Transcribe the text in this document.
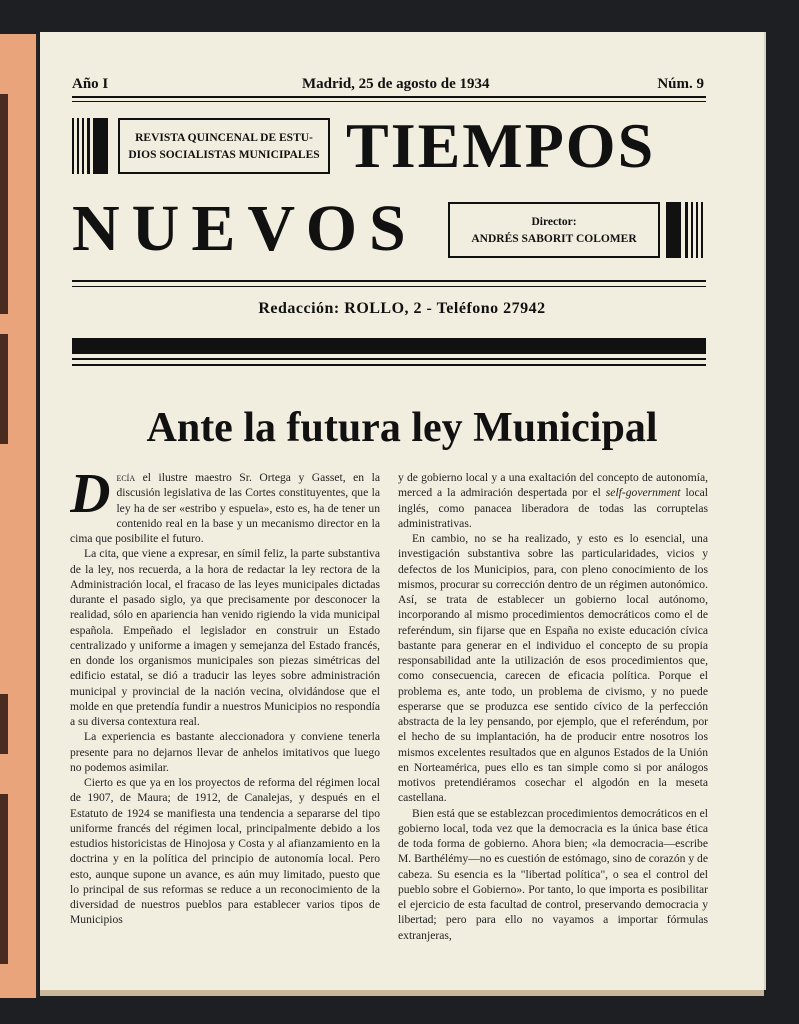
Año I	Madrid, 25 de agosto de 1934	Núm. 9
REVISTA QUINCENAL DE ESTU-
DIOS SOCIALISTAS MUNICIPALES TIEMPOS
NUEVOS	Director:
ANDRÉS SABORIT COLOMER
Redacción: ROLLO, 2 - Teléfono 27942
Ante la futura ley Municipal

Decía el ilustre maestro Sr. Ortega y Gasset, en la discusión legislativa de las Cortes constituyentes, que la ley ha de ser «estribo y espuela», esto es, ha de tener un contenido real en la base y un mecanismo director en la cima que posibilite el futuro.

La cita, que viene a expresar, en símil feliz, la parte substantiva de la ley, nos recuerda, a la hora de redactar la ley rectora de la Administración local, el fracaso de las leyes municipales dictadas durante el pasado siglo, ya que precisamente por desconocer la realidad, sólo en apariencia han venido rigiendo la vida municipal española. Empeñado el legislador en construir un Estado centralizado y uniforme a imagen y semejanza del Estado francés, en donde los organismos municipales son piezas simétricas del edificio estatal, se dió a traducir las leyes sobre administración municipal y provincial de la nación vecina, olvidándose que el molde en que pretendía fundir a nuestros Municipios no respondía a su diversa contextura real.

La experiencia es bastante aleccionadora y conviene tenerla presente para no dejarnos llevar de anhelos imitativos que luego no podemos asimilar.

Cierto es que ya en los proyectos de reforma del régimen local de 1907, de Maura; de 1912, de Canalejas, y después en el Estatuto de 1924 se manifiesta una tendencia a separarse del tipo uniforme francés del régimen local, principalmente debido a los estudios historicistas de Hinojosa y Costa y al afianzamiento en la doctrina y en la política del principio de autonomía local. Pero esto, aunque supone un avance, es aún muy limitado, puesto que lo principal de sus reformas se reduce a un reconocimiento de la diversidad de nuestros pueblos para establecer varios tipos de Municipios

y de gobierno local y a una exaltación del concepto de autonomía, merced a la admiración despertada por el self-government local inglés, como panacea liberadora de todas las corruptelas administrativas.

En cambio, no se ha realizado, y esto es lo esencial, una investigación substantiva sobre las particularidades, vicios y defectos de los Municipios, para, con pleno conocimiento de los mismos, procurar su corrección dentro de un régimen autonómico. Así, se trata de establecer un gobierno local autónomo, incorporando al mismo procedimientos democráticos como el de referéndum, sin fijarse que en España no existe educación cívica bastante para generar en el individuo el concepto de su propia responsabilidad ante la utilización de esos procedimientos que, como consecuencia, carecen de eficacia política. Porque el problema es, ante todo, un problema de civismo, y no puede esperarse que se produzca ese sentido cívico de la perfección abstracta de la ley pensando, por ejemplo, que el referéndum, por el hecho de su implantación, ha de producir entre nosotros los mismos excelentes resultados que en algunos Estados de la Unión en Norteamérica, pues ello es tan simple como si por análogos motivos pretendiéramos cosechar el algodón en la meseta castellana.

Bien está que se establezcan procedimientos democráticos en el gobierno local, toda vez que la democracia es la única base ética de toda forma de gobierno. Ahora bien; «la democracia—escribe M. Barthélémy—no es cuestión de estómago, sino de corazón y de cabeza. Su esencia es la "libertad política", o sea el control del pueblo sobre el Gobierno». Por tanto, lo que importa es posibilitar el ejercicio de esta facultad de control, preservando democracia y libertad; pero para ello no vayamos a importar fórmulas extranjeras,
